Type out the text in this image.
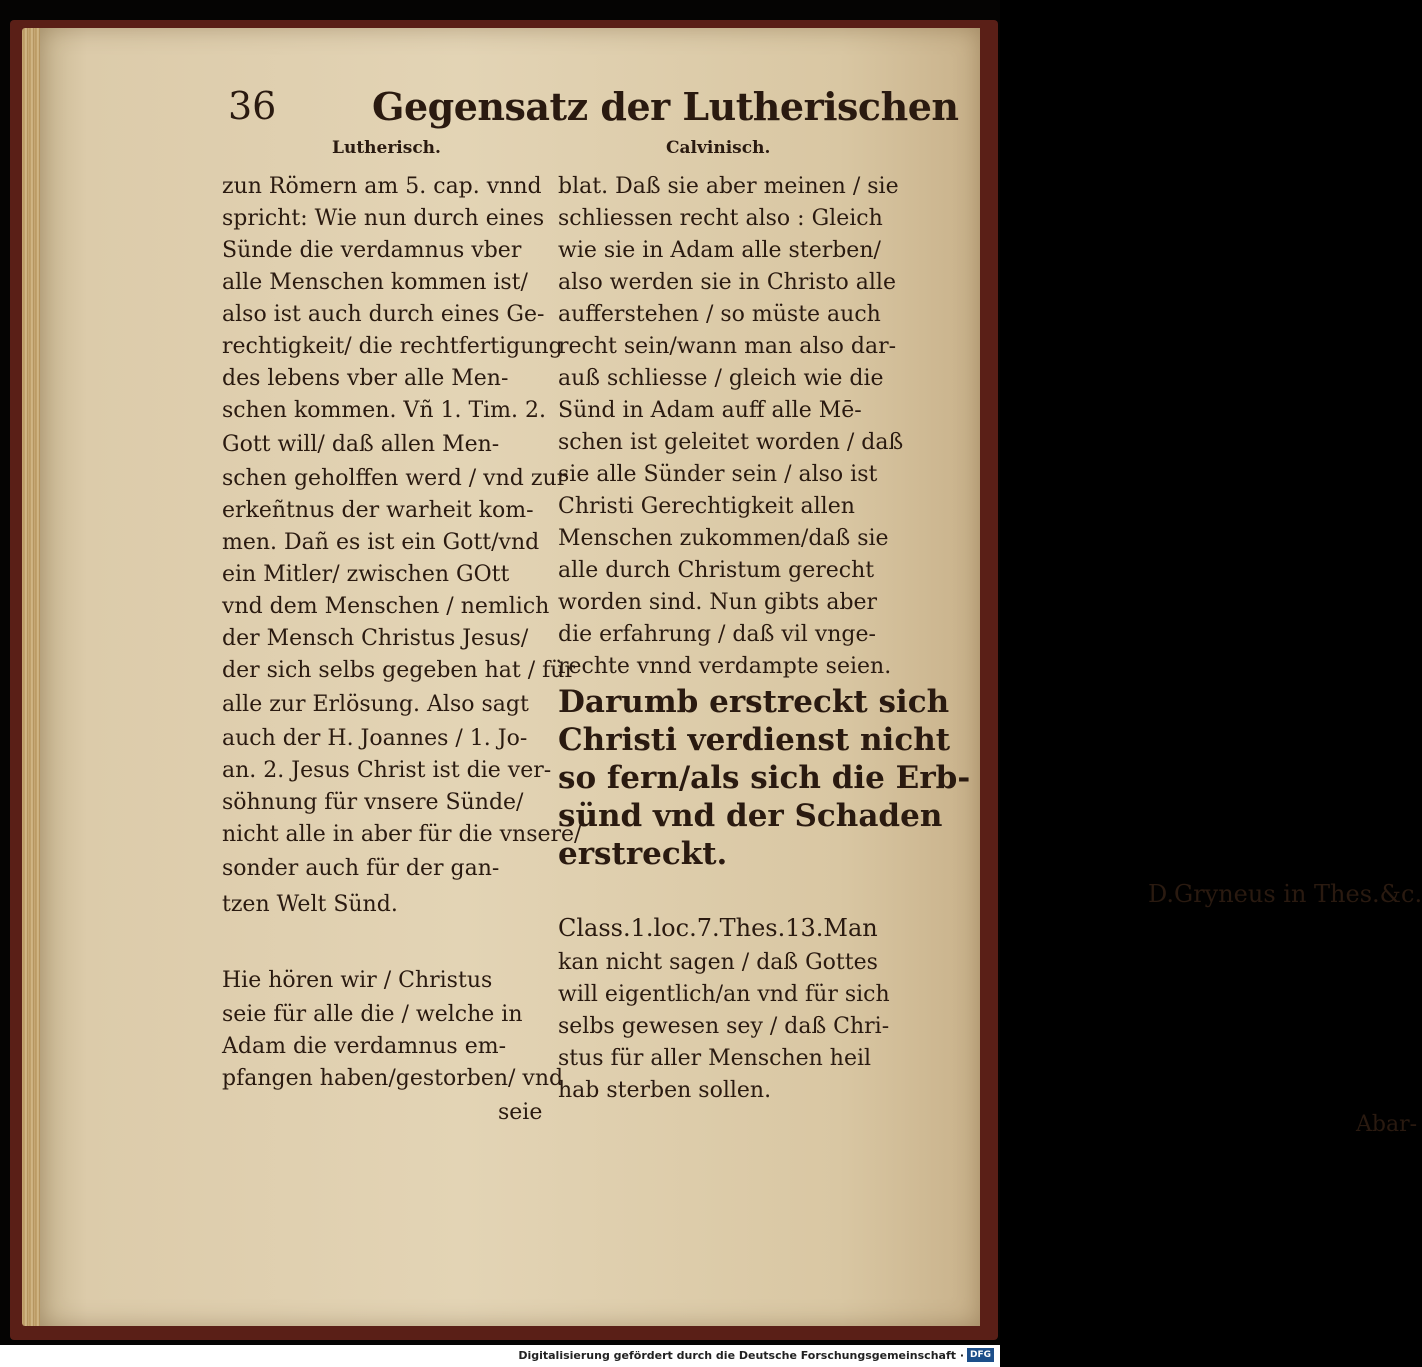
36	Gegensatz der Lutherischen
Lutherisch.	Calvinisch.
zun Römern am 5. cap. vnnd
spricht: Wie nun durch eines
Sünde die verdamnus vber
alle Menschen kommen ist/
also ist auch durch eines Ge-
rechtigkeit/ die rechtfertigung
des lebens vber alle Men-
schen kommen. Vñ 1. Tim. 2.
Gott will/ daß allen Men-
schen geholffen werd / vnd zur
erkeñtnus der warheit kom-
men. Dañ es ist ein Gott/vnd
ein Mitler/ zwischen GOtt
vnd dem Menschen / nemlich
der Mensch Christus Jesus/
der sich selbs gegeben hat / für
alle zur Erlösung. Also sagt
auch der H. Joannes / 1. Jo-
an. 2. Jesus Christ ist die ver-
söhnung für vnsere Sünde/
nicht alle in aber für die vnsere/
sonder auch für der gan-
tzen Welt Sünd.
Hie hören wir / Christus
seie für alle die / welche in
Adam die verdamnus em-
pfangen haben/gestorben/ vnd
seie
blat. Daß sie aber meinen / sie
schliessen recht also : Gleich
wie sie in Adam alle sterben/
also werden sie in Christo alle
aufferstehen / so müste auch
recht sein/wann man also dar-
auß schliesse / gleich wie die
Sünd in Adam auff alle Mē-
schen ist geleitet worden / daß
sie alle Sünder sein / also ist
Christi Gerechtigkeit allen
Menschen zukommen/daß sie
alle durch Christum gerecht
worden sind. Nun gibts aber
die erfahrung / daß vil vnge-
rechte vnnd verdampte seien.
Darumb erstreckt sich
Christi verdienst nicht
so fern/als sich die Erb-
sünd vnd der Schaden
erstreckt.
D.Gryneus in Thes.&c.
Class.1.loc.7.Thes.13.Man
kan nicht sagen / daß Gottes
will eigentlich/an vnd für sich
selbs gewesen sey / daß Chri-
stus für aller Menschen heil
hab sterben sollen.
Abar-
Digitalisierung gefördert durch die Deutsche Forschungsgemeinschaft · DFG
